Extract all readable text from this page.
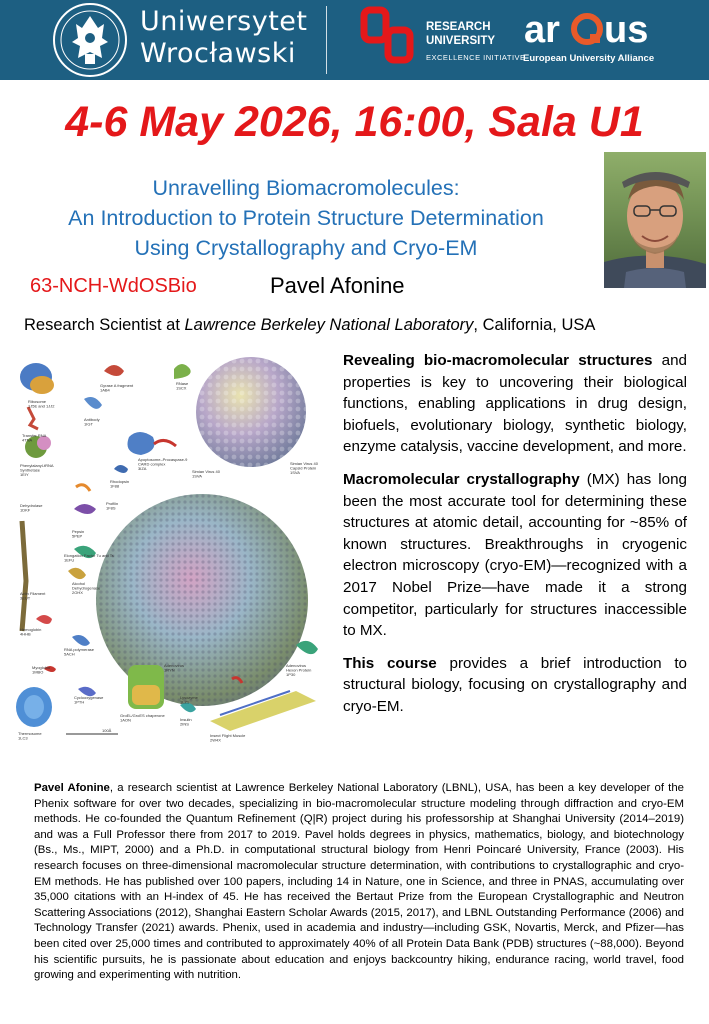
Uniwersytet
Wrocławski
RESEARCH
UNIVERSITY
EXCELLENCE INITIATIVE
ar us
European University Alliance
4-6 May 2026, 16:00, Sala U1
Unravelling Biomacromolecules:
An Introduction to Protein Structure Determination
Using Crystallography and Cryo-EM
63-NCH-WdOSBio	Pavel Afonine
Research Scientist at Lawrence Berkeley National Laboratory, California, USA
Ribosome 1J5E and 1JJ2
Gyrase A fragment 1AB4
RNase 1SCX
Transfer RNA 4TNA
Antibody 1IGT
Simian Virus 40 1SVA
Simian Virus 40 Capsid Protein 1SVA
Phenylalanyl-tRNA Synthetase 1EIY
Rhodopsin 1F88
Apoptosome–Procaspase-9 CARD complex 3IZA
Profilin 1F8S
Dehydrolase 1DKF
Pepsin 5PEP
Elongation Factor Tu and Ts 1EFU
Alcohol Dehydrogenase 2OHX
Actin Filament 3EUT
Hemoglobin 4HHB
RNA polymerase 5ACH
Adenovirus 1RYN
Adenovirus Hexon Protein 1P30
Myoglobin 1MBO
Thermosome 1LC3
Cyclooxygenase 1PTH
GroEL/GroES chaperone 1AON
Lysozyme 1LZ1
Insulin 2INS
Insect Flight Muscle 2W4X
100Å

Revealing bio-macromolecular structures and properties is key to uncovering their biological functions, enabling applications in drug design, biofuels, evolutionary biology, synthetic biology, enzyme catalysis, vaccine development, and more.

Macromolecular crystallography (MX) has long been the most accurate tool for determining these structures at atomic detail, accounting for ~85% of known structures. Breakthroughs in cryogenic electron microscopy (cryo-EM)—recognized with a 2017 Nobel Prize—have made it a strong competitor, particularly for structures inaccessible to MX.

This course provides a brief introduction to structural biology, focusing on crystallography and cryo-EM.

Pavel Afonine, a research scientist at Lawrence Berkeley National Laboratory (LBNL), USA, has been a key developer of the Phenix software for over two decades, specializing in bio-macromolecular structure modeling through diffraction and cryo-EM methods. He co-founded the Quantum Refinement (Q|R) project during his professorship at Shanghai University (2014–2019) and was a Full Professor there from 2017 to 2019. Pavel holds degrees in physics, mathematics, biology, and biotechnology (Bs., Ms., MIPT, 2000) and a Ph.D. in computational structural biology from Henri Poincaré University, France (2003). His research focuses on three-dimensional macromolecular structure determination, with contributions to crystallographic and cryo-EM methods. He has published over 100 papers, including 14 in Nature, one in Science, and three in PNAS, accumulating over 35,000 citations with an H-index of 45. He has received the Bertaut Prize from the European Crystallographic and Neutron Scattering Associations (2012), Shanghai Eastern Scholar Awards (2015, 2017), and LBNL Outstanding Performance (2006) and Technology Transfer (2021) awards. Phenix, used in academia and industry—including GSK, Novartis, Merck, and Pfizer—has been cited over 25,000 times and contributed to approximately 40% of all Protein Data Bank (PDB) structures (~88,000). Beyond his scientific pursuits, he is passionate about education and enjoys backcountry hiking, endurance racing, world travel, food growing and experimenting with nutrition.
